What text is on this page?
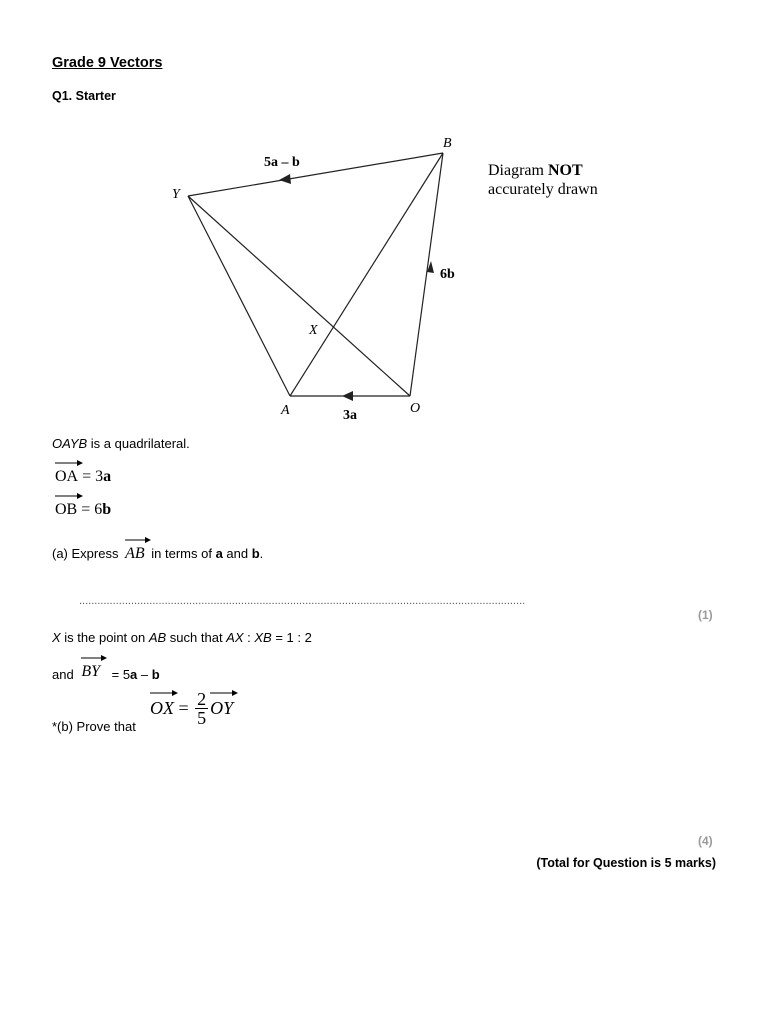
Grade 9 Vectors
Q1. Starter
B
Y
X
A	O
5a – b
6b
3a
Diagram NOT
accurately drawn
OAYB is a quadrilateral.
OA = 3a
OB = 6b
(a) Express AB in terms of a and b.
..................................................................................................................................................
(1)
X is the point on AB such that AX : XB = 1 : 2
and BY = 5a – b
*(b) Prove that
OX = $\frac{2}{5}$ OY
(4)
(Total for Question is 5 marks)
